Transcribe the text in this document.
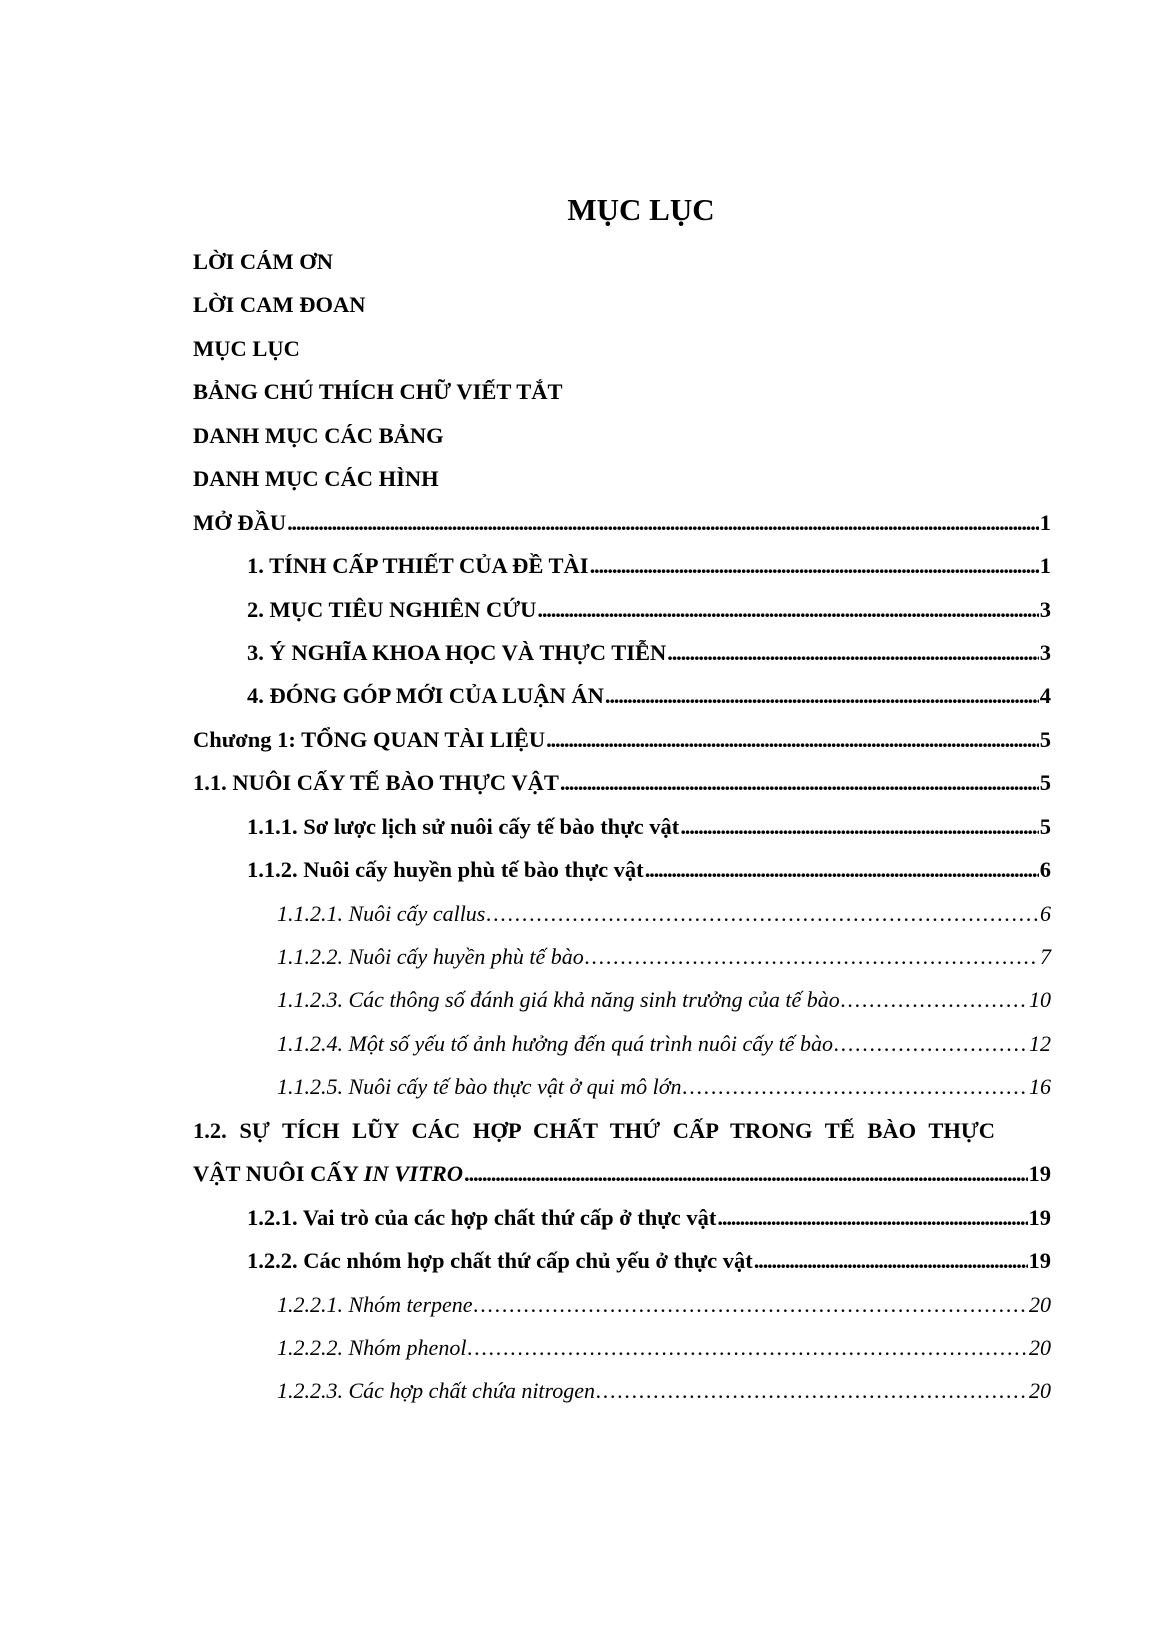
MỤC LỤC
LỜI CÁM ƠN
LỜI CAM ĐOAN
MỤC LỤC
BẢNG CHÚ THÍCH CHỮ VIẾT TẮT
DANH MỤC CÁC BẢNG
DANH MỤC CÁC HÌNH
MỞ ĐẦU . . .	1
1. TÍNH CẤP THIẾT CỦA ĐỀ TÀI . . .	1
2. MỤC TIÊU NGHIÊN CỨU . . .	3
3. Ý NGHĨA KHOA HỌC VÀ THỰC TIỄN . . .	3
4. ĐÓNG GÓP MỚI CỦA LUẬN ÁN . . .	4
Chương 1: TỔNG QUAN TÀI LIỆU . . .	5
1.1. NUÔI CẤY TẾ BÀO THỰC VẬT . . .	5
1.1.1. Sơ lược lịch sử nuôi cấy tế bào thực vật . . .	5
1.1.2. Nuôi cấy huyền phù tế bào thực vật . . .	6
1.1.2.1. Nuôi cấy callus . . .	6
1.1.2.2. Nuôi cấy huyền phù tế bào . . .	7
1.1.2.3. Các thông số đánh giá khả năng sinh trưởng của tế bào . . .	10
1.1.2.4. Một số yếu tố ảnh hưởng đến quá trình nuôi cấy tế bào . . .	12
1.1.2.5. Nuôi cấy tế bào thực vật ở qui mô lớn . . .	16
1.2. SỰ TÍCH LŨY CÁC HỢP CHẤT THỨ CẤP TRONG TẾ BÀO THỰC
VẬT NUÔI CẤY IN VITRO . . .	19
1.2.1. Vai trò của các hợp chất thứ cấp ở thực vật . . .	19
1.2.2. Các nhóm hợp chất thứ cấp chủ yếu ở thực vật . . .	19
1.2.2.1. Nhóm terpene . . .	20
1.2.2.2. Nhóm phenol . . .	20
1.2.2.3. Các hợp chất chứa nitrogen . . .	20
